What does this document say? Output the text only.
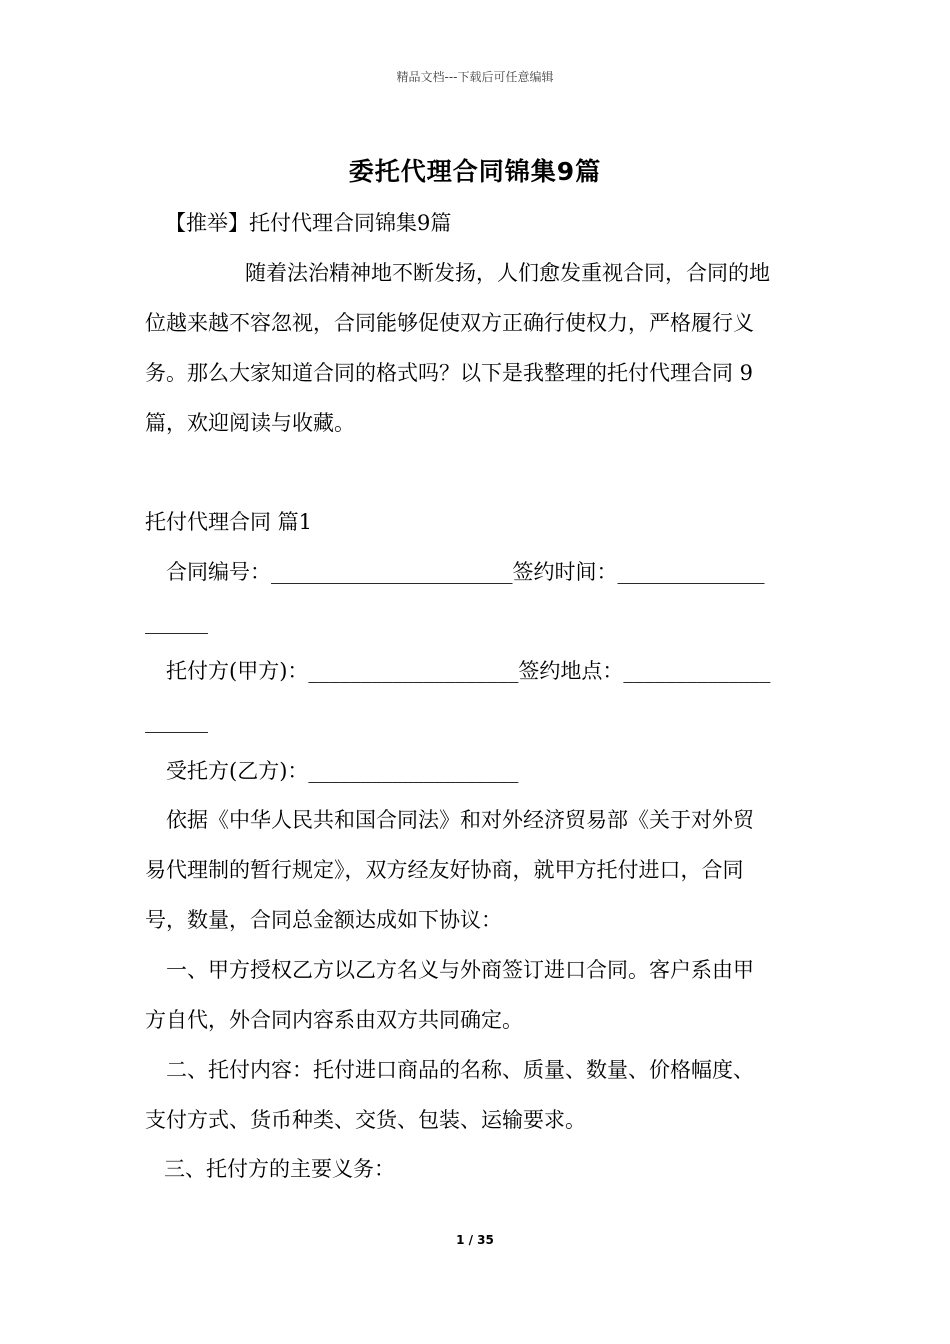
精品文档---下载后可任意编辑
委托代理合同锦集9篇
【推举】托付代理合同锦集9篇
随着法治精神地不断发扬，人们愈发重视合同，合同的地
位越来越不容忽视，合同能够促使双方正确行使权力，严格履行义
务。那么大家知道合同的格式吗？以下是我整理的托付代理合同 9
篇，欢迎阅读与收藏。
托付代理合同 篇1
合同编号：_______________________签约时间：______________
______
托付方(甲方)：____________________签约地点：______________
______
受托方(乙方)：____________________
依据《中华人民共和国合同法》和对外经济贸易部《关于对外贸
易代理制的暂行规定》，双方经友好协商，就甲方托付进口，合同
号，数量，合同总金额达成如下协议：
一、甲方授权乙方以乙方名义与外商签订进口合同。客户系由甲
方自代，外合同内容系由双方共同确定。
二、托付内容：托付进口商品的名称、质量、数量、价格幅度、
支付方式、货币种类、交货、包装、运输要求。
三、托付方的主要义务：
1 / 35
